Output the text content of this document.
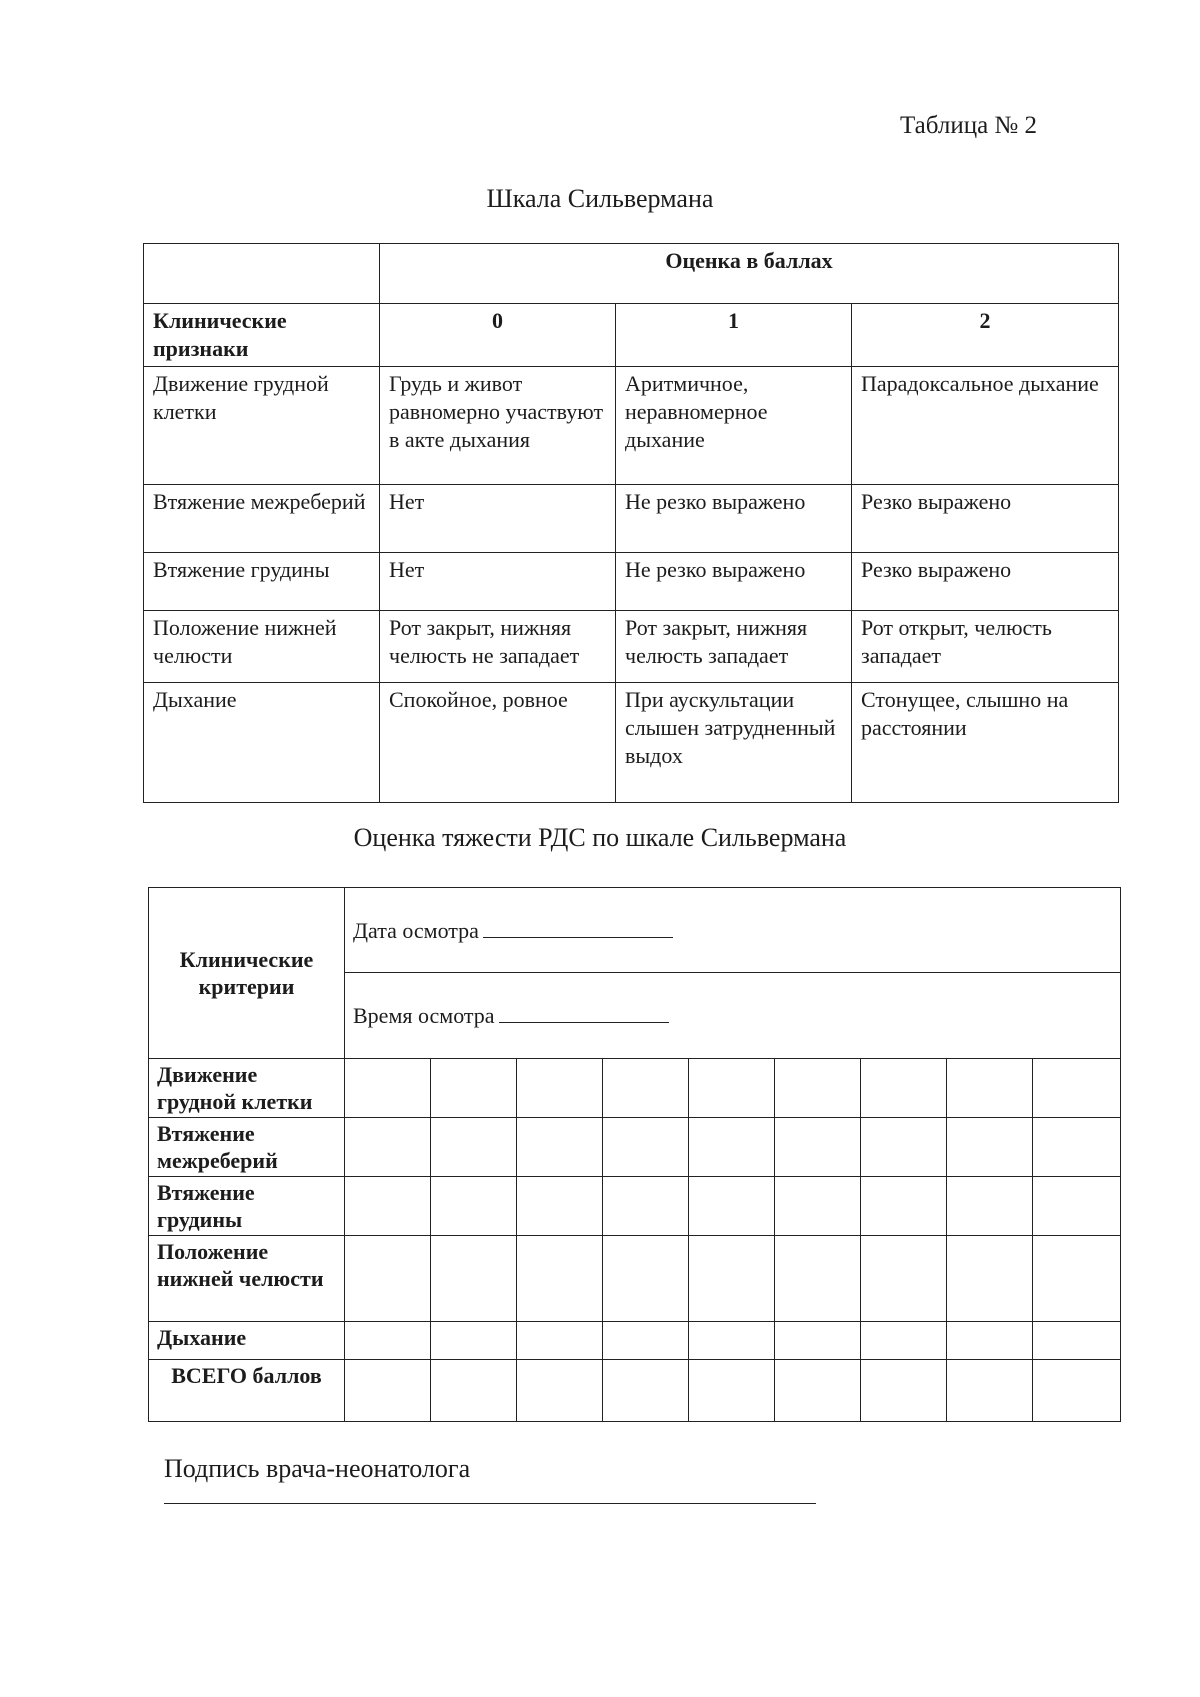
Таблица № 2
Шкала Сильвермана
	Оценка в баллах		
Клинические признаки	0	1	2
Движение грудной клетки	Грудь и живот равномерно участвуют в акте дыхания	Аритмичное, неравномерное дыхание	Парадоксальное дыхание
Втяжение межреберий	Нет	Не резко выражено	Резко выражено
Втяжение грудины	Нет	Не резко выражено	Резко выражено
Положение нижней челюсти	Рот закрыт, нижняя челюсть не западает	Рот закрыт, нижняя челюсть западает	Рот открыт, челюсть западает
Дыхание	Спокойное, ровное	При аускультации слышен затрудненный выдох	Стонущее, слышно на расстоянии
Оценка тяжести РДС по шкале Сильвермана
Клинические критерии	Дата осмотра								
	Время осмотра								
Движение грудной клетки									
Втяжение межреберий									
Втяжение грудины									
Положение нижней челюсти									
Дыхание									
ВСЕГО баллов									
Подпись врача-неонатолога
